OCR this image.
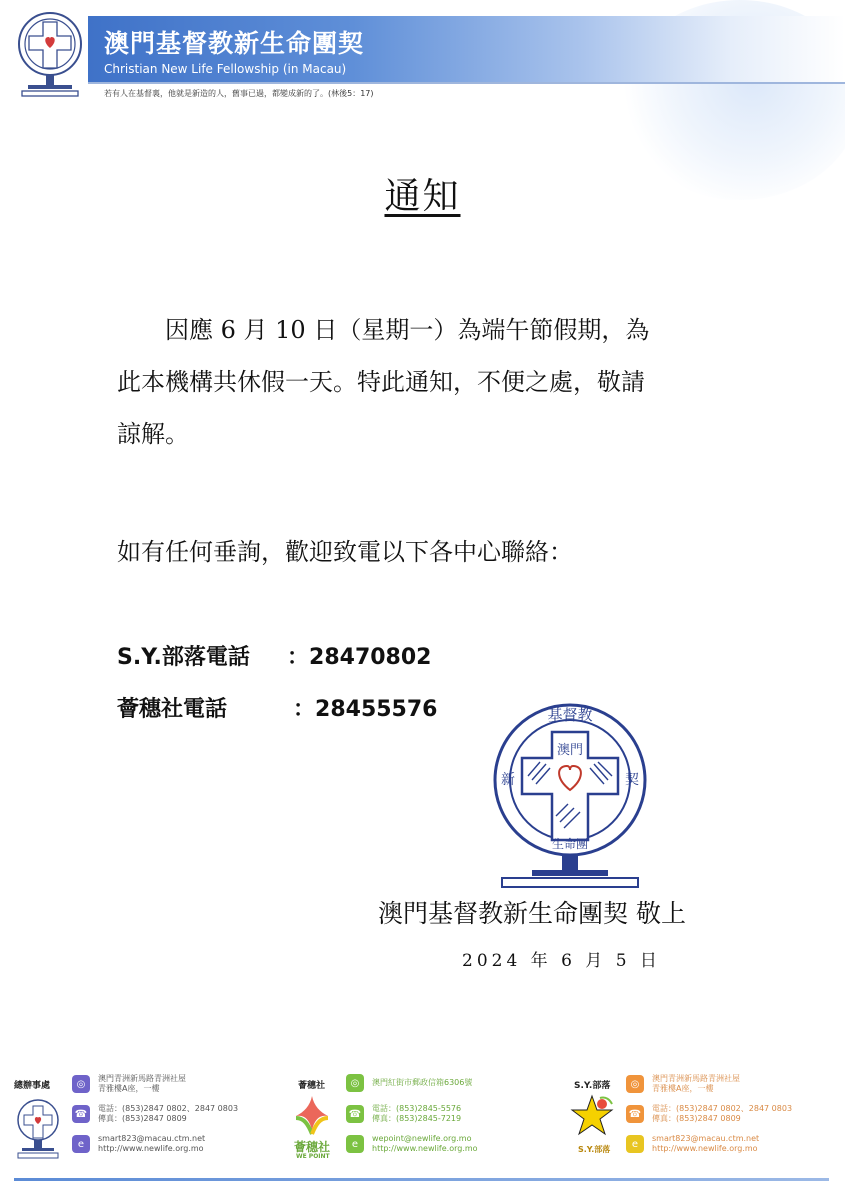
澳門基督教新生命團契
Christian New Life Fellowship (in Macau)
若有人在基督裏，他就是新造的人，舊事已過，都變成新的了。(林後5：17)
通知
因應 6 月 10 日（星期一）為端午節假期，為
此本機構共休假一天。特此通知，不便之處，敬請
諒解。
如有任何垂詢，歡迎致電以下各中心聯絡：
S.Y.部落電話 ：28470802
薈穗社電話	：28455576	基督教
澳門
新	契
生命團
澳門基督教新生命團契 敬上
2024 年 6 月 5 日
總辦事處	◎	澳門青洲新馬路青洲社屋
青雅樓A座，一樓
☎	電話：(853)2847 0802、2847 0803
傳真：(853)2847 0809
e	smart823@macau.ctm.net
http://www.newlife.org.mo
薈穗社
薈穗社
WE POINT
◎	澳門紅街市郵政信箱6306號
☎	電話：(853)2845-5576
傳真：(853)2845-7219
e	wepoint@newlife.org.mo
http://www.newlife.org.mo
S.Y.部落
S.Y.部落
◎	澳門青洲新馬路青洲社屋
青雅樓A座，一樓
☎	電話：(853)2847 0802、2847 0803
傳真：(853)2847 0809
e	smart823@macau.ctm.net
http://www.newlife.org.mo
